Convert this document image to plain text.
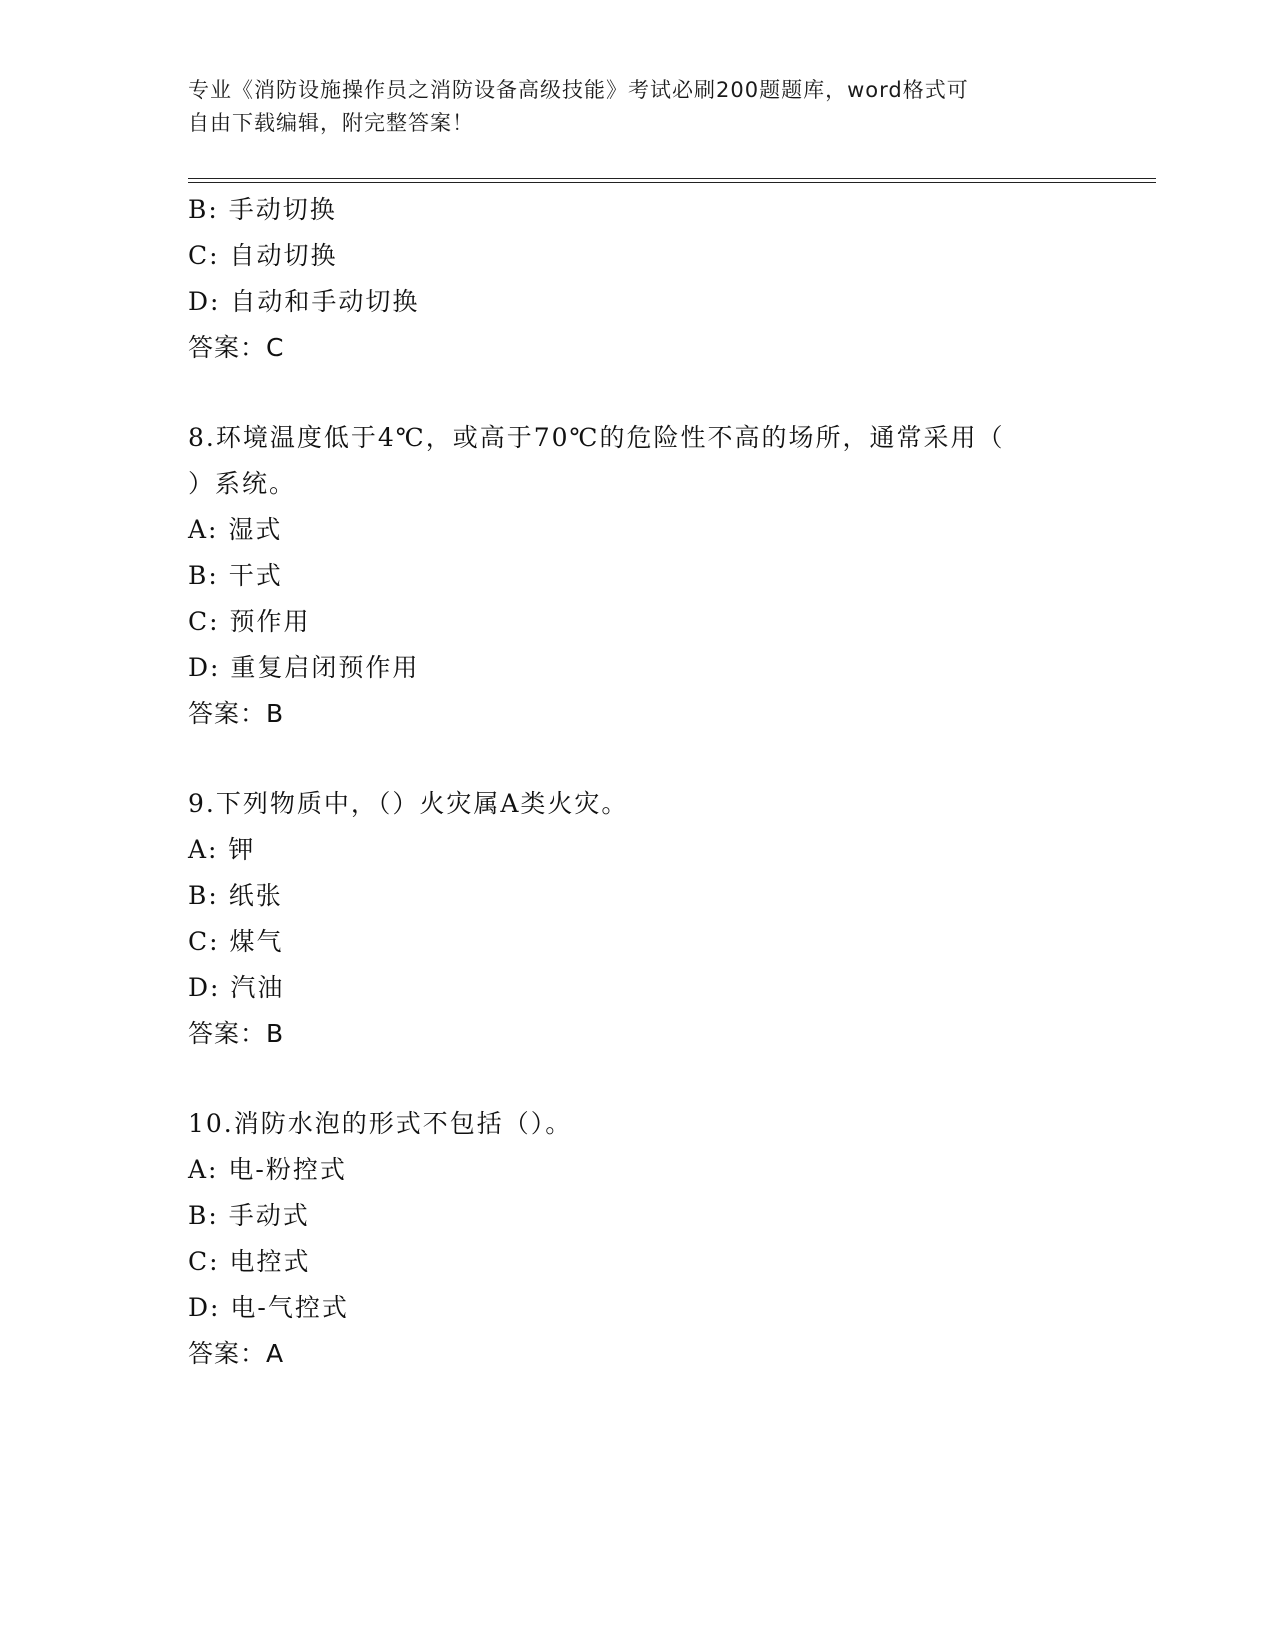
专业《消防设施操作员之消防设备高级技能》考试必刷200题题库，word格式可
自由下载编辑，附完整答案！
B: 手动切换
C: 自动切换
D: 自动和手动切换
答案：C
8.环境温度低于4℃，或高于70℃的危险性不高的场所，通常采用（
）系统。
A: 湿式
B: 干式
C: 预作用
D: 重复启闭预作用
答案：B
9.下列物质中，（）火灾属A类火灾。
A: 钾
B: 纸张
C: 煤气
D: 汽油
答案：B
10.消防水泡的形式不包括（）。
A: 电-粉控式
B: 手动式
C: 电控式
D: 电-气控式
答案：A
